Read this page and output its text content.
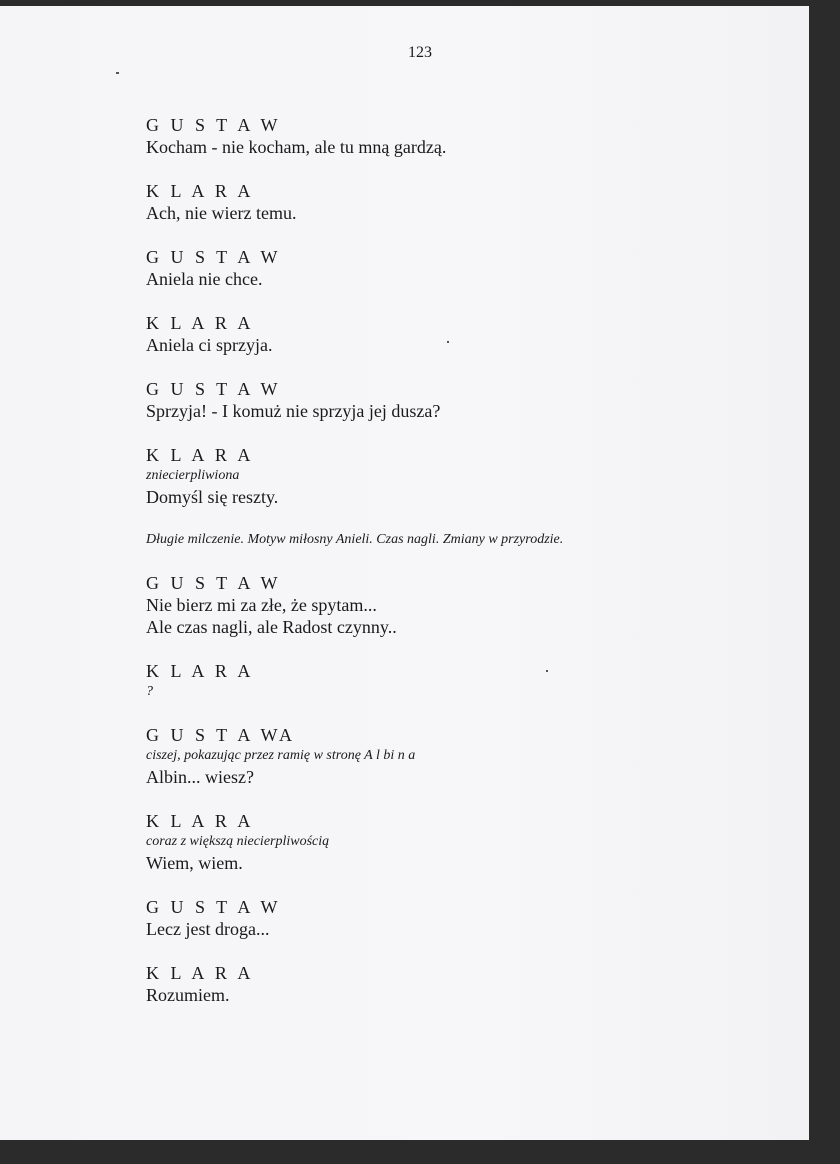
123
G U S T A W
Kocham - nie kocham, ale tu mną gardzą.
K L A R A
Ach, nie wierz temu.
G U S T A W
Aniela nie chce.
K L A R A
Aniela ci sprzyja.
G U S T A W
Sprzyja! - I komuż nie sprzyja jej dusza?
K L A R A
zniecierpliwiona
Domyśl się reszty.
Długie milczenie. Motyw miłosny Anieli. Czas nagli. Zmiany w przyrodzie.
G U S T A W
Nie bierz mi za złe, że spytam...
Ale czas nagli, ale Radost czynny..
K L A R A
?
G U S T A WA
ciszej, pokazując przez ramię w stronę A l bi n a
Albin... wiesz?
K L A R A
coraz z większą niecierpliwością
Wiem, wiem.
G U S T A W
Lecz jest droga...
K L A R A
Rozumiem.
